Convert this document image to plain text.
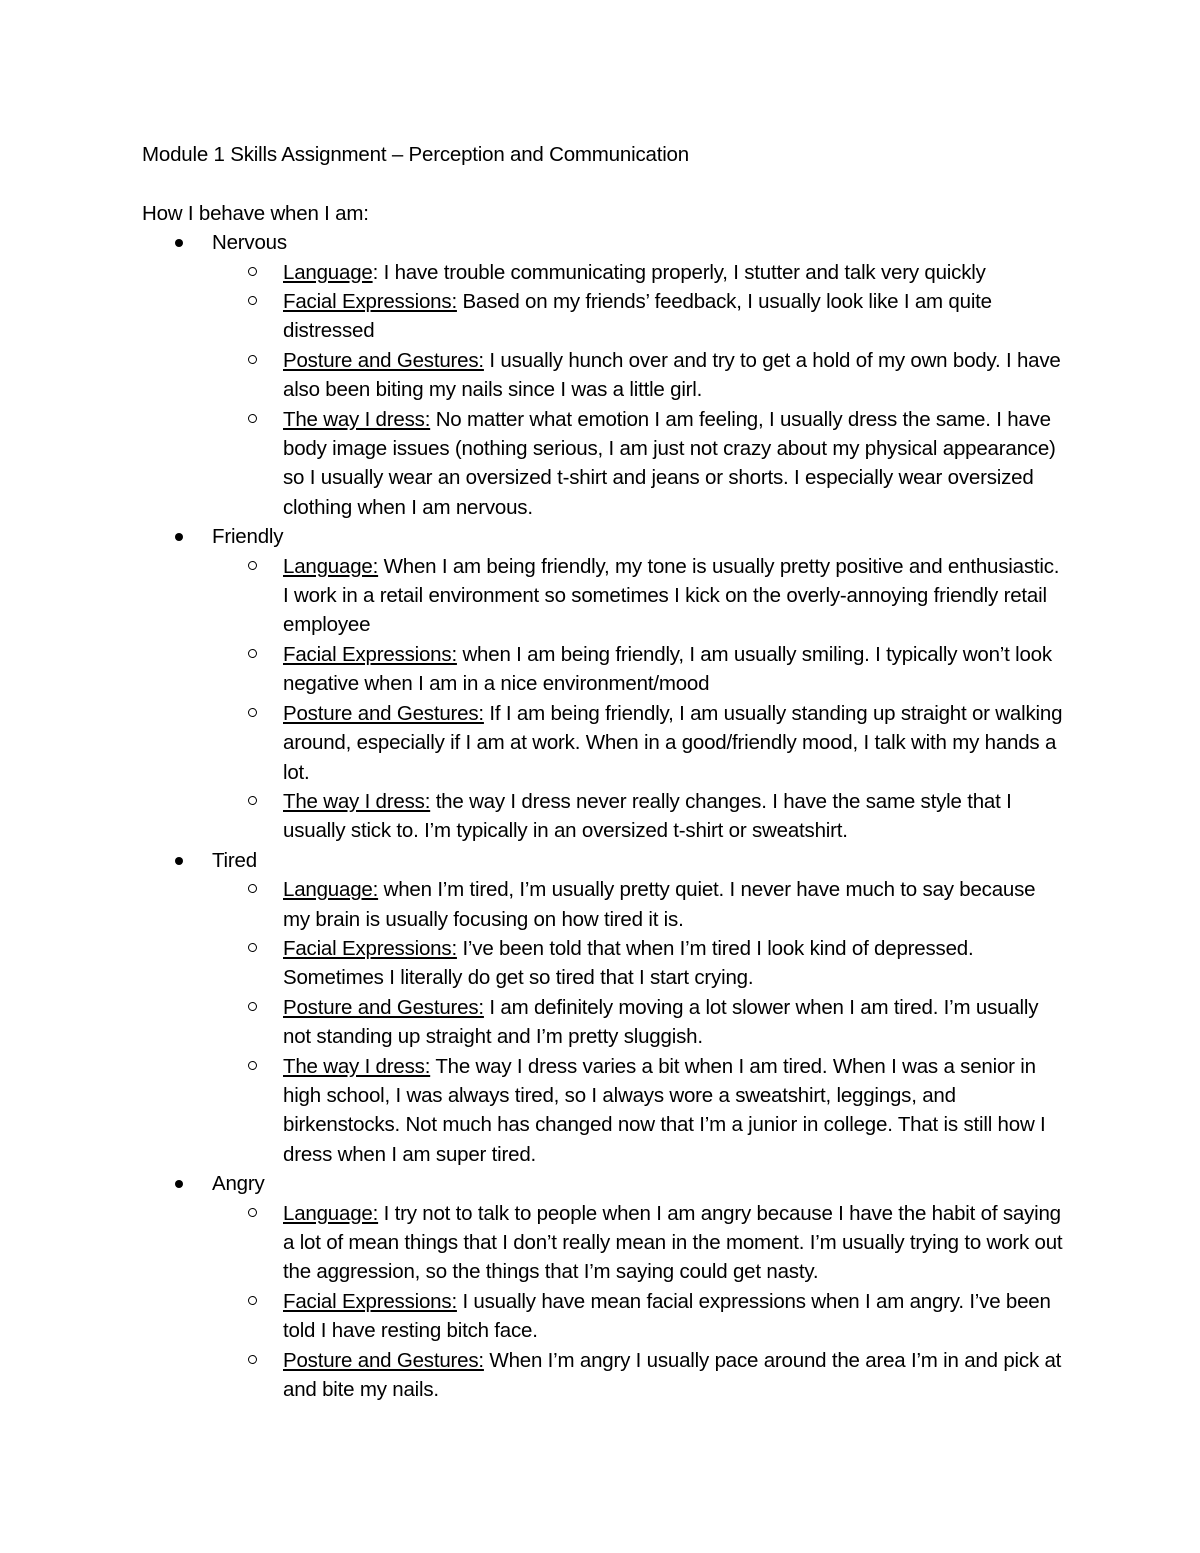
Module 1 Skills Assignment – Perception and Communication

How I behave when I am:

Nervous
Language: I have trouble communicating properly, I stutter and talk very quickly
Facial Expressions: Based on my friends’ feedback, I usually look like I am quite distressed
Posture and Gestures: I usually hunch over and try to get a hold of my own body. I have also been biting my nails since I was a little girl.
The way I dress: No matter what emotion I am feeling, I usually dress the same. I have body image issues (nothing serious, I am just not crazy about my physical appearance) so I usually wear an oversized t-shirt and jeans or shorts. I especially wear oversized clothing when I am nervous.
Friendly
Language: When I am being friendly, my tone is usually pretty positive and enthusiastic. I work in a retail environment so sometimes I kick on the overly-annoying friendly retail employee
Facial Expressions: when I am being friendly, I am usually smiling. I typically won’t look negative when I am in a nice environment/mood
Posture and Gestures: If I am being friendly, I am usually standing up straight or walking around, especially if I am at work. When in a good/friendly mood, I talk with my hands a lot.
The way I dress: the way I dress never really changes. I have the same style that I usually stick to. I’m typically in an oversized t-shirt or sweatshirt.
Tired
Language: when I’m tired, I’m usually pretty quiet. I never have much to say because my brain is usually focusing on how tired it is.
Facial Expressions: I’ve been told that when I’m tired I look kind of depressed. Sometimes I literally do get so tired that I start crying.
Posture and Gestures: I am definitely moving a lot slower when I am tired. I’m usually not standing up straight and I’m pretty sluggish.
The way I dress: The way I dress varies a bit when I am tired. When I was a senior in high school, I was always tired, so I always wore a sweatshirt, leggings, and birkenstocks. Not much has changed now that I’m a junior in college. That is still how I dress when I am super tired.
Angry
Language: I try not to talk to people when I am angry because I have the habit of saying a lot of mean things that I don’t really mean in the moment. I’m usually trying to work out the aggression, so the things that I’m saying could get nasty.
Facial Expressions: I usually have mean facial expressions when I am angry. I’ve been told I have resting bitch face.
Posture and Gestures: When I’m angry I usually pace around the area I’m in and pick at and bite my nails.
